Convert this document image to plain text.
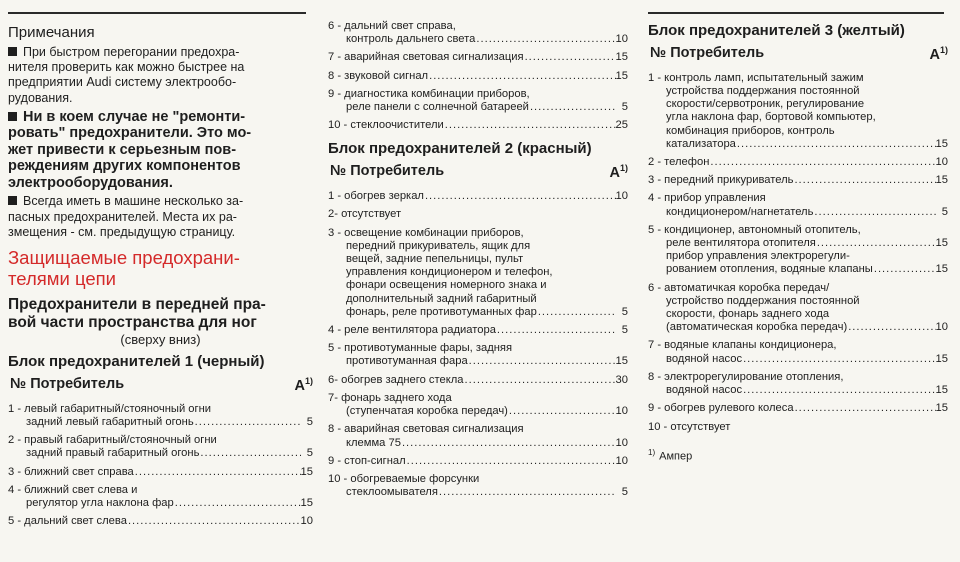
Примечания
При быстром перегорании предохра-
нителя проверить как можно быстрее на
предприятии Audi систему электрообо-
рудования.
Ни в коем случае не "ремонти-
ровать" предохранители. Это мо-
жет привести к серьезным пов-
реждениям других компонентов
электрооборудования.
Всегда иметь в машине несколько за-
пасных предохранителей. Места их ра-
змещения - см. предыдущую страницу.
Защищаемые предохрани-
телями цепи
Предохранители в передней пра-
вой части пространства для ног
(сверху вниз)
Блок предохранителей 1 (черный)
№ Потребитель	$A^{1)}$
1 - левый габаритный/стояночный огни
задний левый габаритный огонь .....	5
2 - правый габаритный/стояночный огни
задний правый габаритный огонь .....	5
3 - ближний свет справа .....	15
4 - ближний свет слева и
регулятор угла наклона фар .....	15
5 - дальний свет слева .....	10
6 - дальний свет справа,
контроль дальнего света .....	10
7 - аварийная световая сигнализация .....	15
8 - звуковой сигнал .....	15
9 - диагностика комбинации приборов,
реле панели с солнечной батареей .....	5
10 - стеклоочистители .....	25
Блок предохранителей 2 (красный)
№ Потребитель	$A^{1)}$
1 - обогрев зеркал .....	10
2- отсутствует
3 - освещение комбинации приборов,
передний прикуриватель, ящик для
вещей, задние пепельницы, пульт
управления кондиционером и телефон,
фонари освещения номерного знака и
дополнительный задний габаритный
фонарь, реле противотуманных фар .....	5
4 - реле вентилятора радиатора .....	5
5 - противотуманные фары, задняя
противотуманная фара .....	15
6- обогрев заднего стекла .....	30
7- фонарь заднего хода
(ступенчатая коробка передач) .....	10
8 - аварийная световая сигнализация
клемма 75 .....	10
9 - стоп-сигнал .....	10
10 - обогреваемые форсунки
стеклоомывателя .....	5
Блок предохранителей 3 (желтый)
№ Потребитель	$A^{1)}$
1 - контроль ламп, испытательный зажим
устройства поддержания постоянной
скорости/сервотроник, регулирование
угла наклона фар, бортовой компьютер,
комбинация приборов, контроль
катализатора .....	15
2 - телефон .....	10
3 - передний прикуриватель .....	15
4 - прибор управления
кондиционером/нагнетатель .....	5
5 - кондиционер, автономный отопитель,
реле вентилятора отопителя .....	15
прибор управления электрорегули-
рованием отопления, водяные клапаны .....	15
6 - автоматичкая коробка передач/
устройство поддержания постоянной
скорости, фонарь заднего хода
(автоматическая коробка передач) .....	10
7 - водяные клапаны кондиционера,
водяной насос .....	15
8 - электрорегулирование отопления,
водяной насос .....	15
9 - обогрев рулевого колеса .....	15
10 - отсутствует
$^{1)}$ Ампер
